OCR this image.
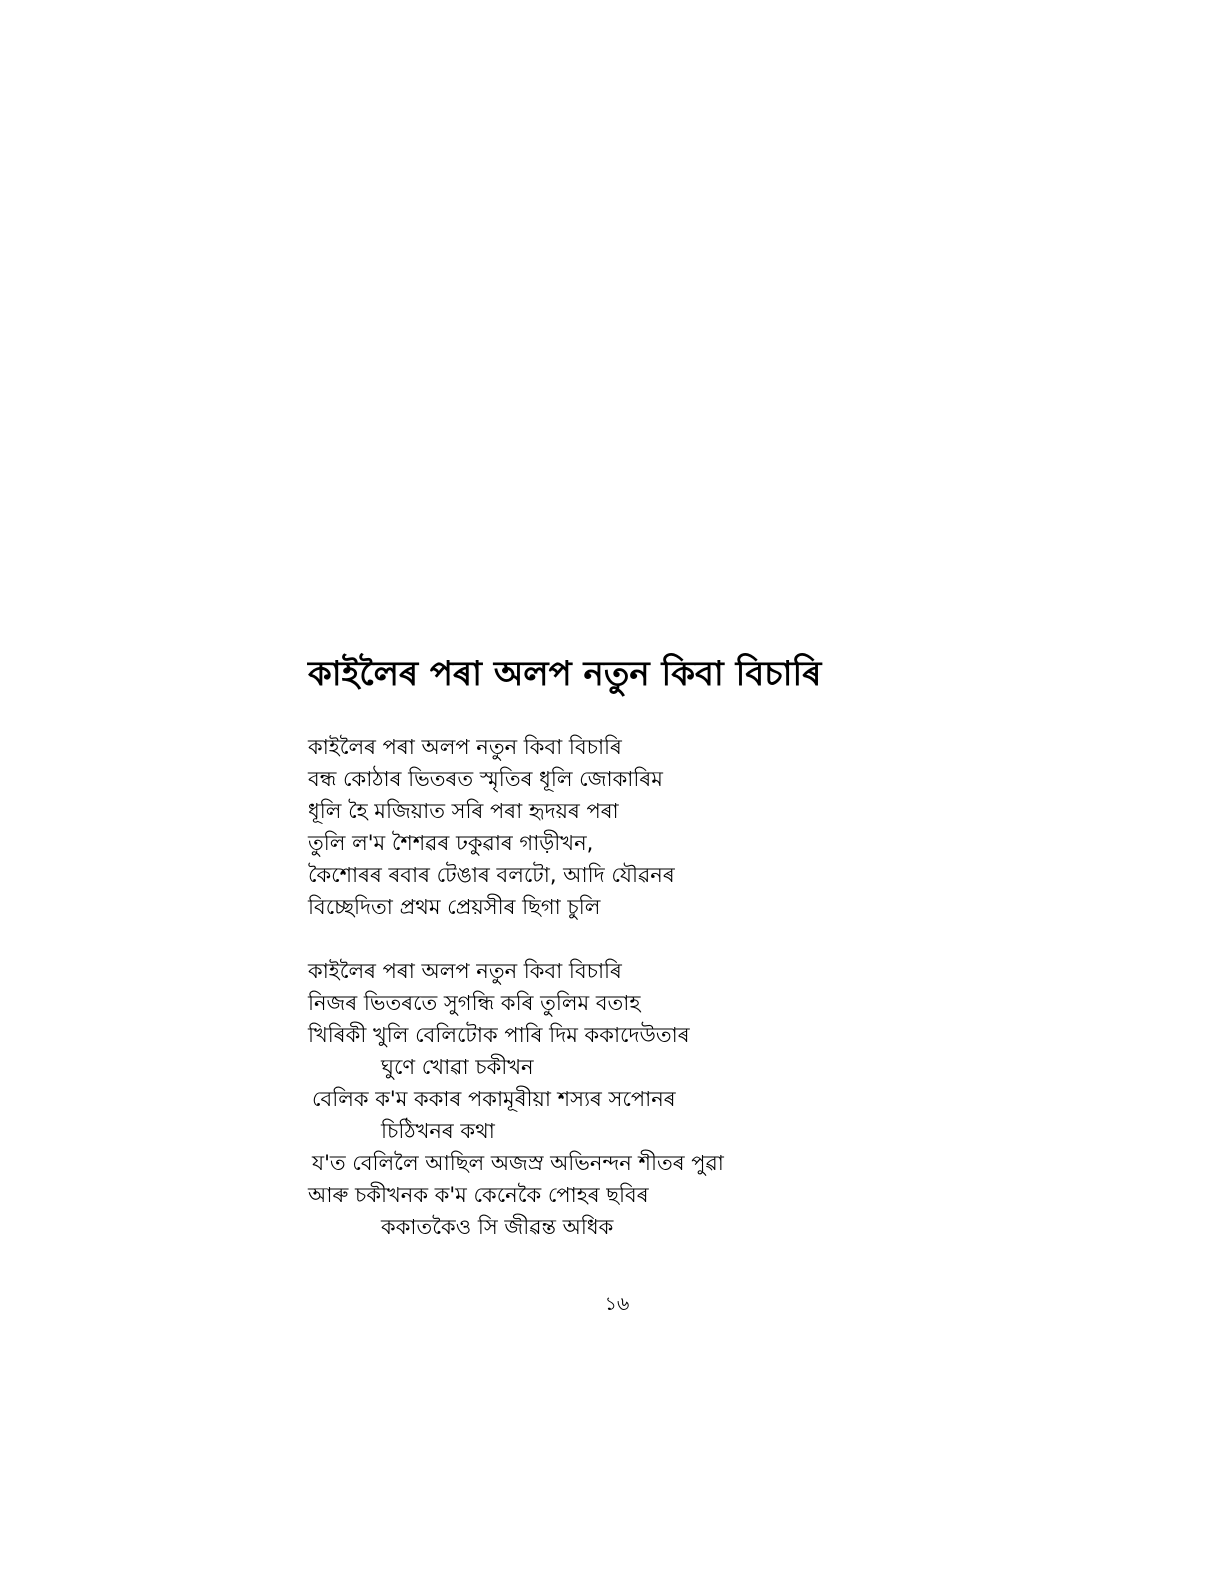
কাইলৈৰ পৰা অলপ নতুন কিবা বিচাৰি

কাইলৈৰ পৰা অলপ নতুন কিবা বিচাৰি
বন্ধ কোঠাৰ ভিতৰত স্মৃতিৰ ধূলি জোকাৰিম
ধূলি হৈ মজিয়াত সৰি পৰা হৃদয়ৰ পৰা
তুলি ল'ম শৈশৱৰ ঢকুৱাৰ গাড়ীখন,
কৈশোৰৰ ৰবাৰ টেঙাৰ বলটো, আদি যৌৱনৰ
বিচ্ছেদিতা প্ৰথম প্ৰেয়সীৰ ছিগা চুলি

কাইলৈৰ পৰা অলপ নতুন কিবা বিচাৰি
নিজৰ ভিতৰতে সুগন্ধি কৰি তুলিম বতাহ
খিৰিকী খুলি বেলিটোক পাৰি দিম ককাদেউতাৰ
ঘুণে খোৱা চকীখন
বেলিক ক'ম ককাৰ পকামূৰীয়া শস্যৰ সপোনৰ
চিঠিখনৰ কথা
য'ত বেলিলৈ আছিল অজস্ৰ অভিনন্দন শীতৰ পুৱা
আৰু চকীখনক ক'ম কেনেকৈ পোহৰ ছবিৰ
ককাতকৈও সি জীৱন্ত অধিক

১৬
